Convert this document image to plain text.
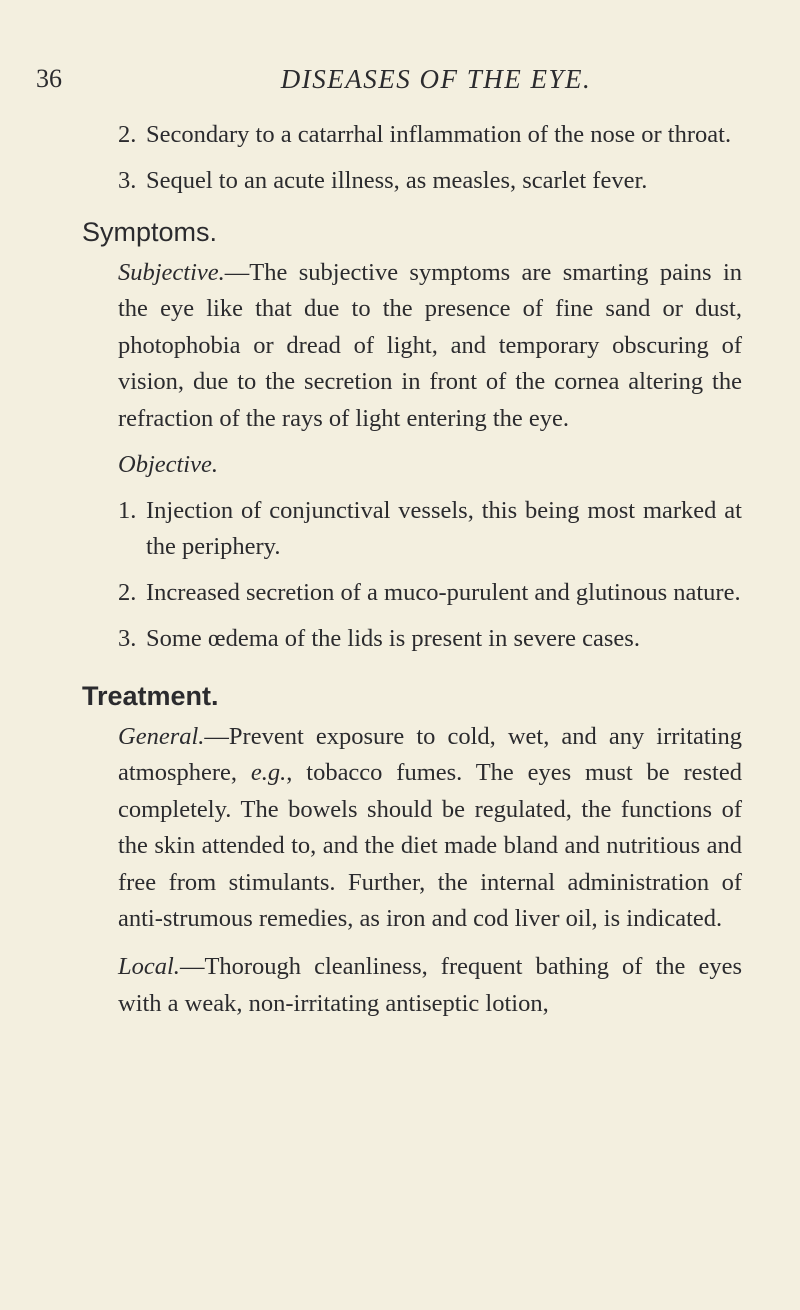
36	DISEASES OF THE EYE.

2. Secondary to a catarrhal inflammation of the nose or throat.

3. Sequel to an acute illness, as measles, scarlet fever.

Symptoms.

Subjective.—The subjective symptoms are smarting pains in the eye like that due to the presence of fine sand or dust, photophobia or dread of light, and temporary obscuring of vision, due to the secretion in front of the cornea altering the refraction of the rays of light entering the eye.

Objective.

1. Injection of conjunctival vessels, this being most marked at the periphery.

2. Increased secretion of a muco-purulent and glutinous nature.

3. Some œdema of the lids is present in severe cases.

Treatment.

General.—Prevent exposure to cold, wet, and any irritating atmosphere, e.g., tobacco fumes. The eyes must be rested completely. The bowels should be regulated, the functions of the skin attended to, and the diet made bland and nutritious and free from stimulants. Further, the internal administration of anti-strumous remedies, as iron and cod liver oil, is indicated.

Local.—Thorough cleanliness, frequent bathing of the eyes with a weak, non-irritating antiseptic lotion,
